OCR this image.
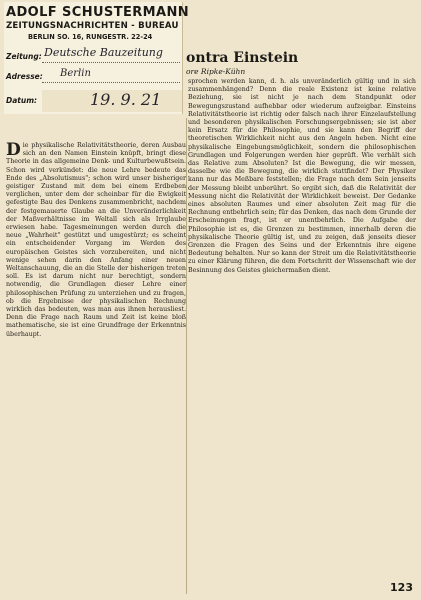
ADOLF SCHUSTERMANN
ZEITUNGSNACHRICHTEN - BUREAU
BERLIN SO. 16, RUNGESTR. 22-24
Zeitung: Deutsche Bauzeitung
Adresse: Berlin
Datum:	19. 9. 21
ontra Einstein
ore Ripke-Kühn
D ie physikalische Relativitätstheorie, deren Ausbau sich an den Namen Einstein knüpft, bringt diese Theorie in das allgemeine Denk- und Kulturbewußtsein. Schon wird verkündet: die neue Lehre bedeute das Ende des „Absolutismus"; schon wird unser bisheriger geistiger Zustand mit dem bei einem Erdbeben verglichen, unter dem der scheinbar für die Ewigkeit gefestigte Bau des Denkens zusammenbricht, nachdem der festgemauerte Glaube an die Unveränderlichkeit der Maßverhältnisse im Weltall sich als Irrglaube erwiesen habe. Tagesmeinungen werden durch die neue „Wahrheit" gestützt und umgestürzt; es scheint ein entscheidender Vorgang im Werden des europäischen Geistes sich vorzubereiten, und nicht wenige sehen darin den Anfang einer neuen Weltanschauung, die an die Stelle der bisherigen treten soll. Es ist darum nicht nur berechtigt, sondern notwendig, die Grundlagen dieser Lehre einer philosophischen Prüfung zu unterziehen und zu fragen, ob die Ergebnisse der physikalischen Rechnung wirklich das bedeuten, was man aus ihnen herausliest. Denn die Frage nach Raum und Zeit ist keine bloß mathematische, sie ist eine Grundfrage der Erkenntnis überhaupt.
sprochen werden kann, d. h. als unveränderlich gültig und in sich zusammenhängend? Denn die reale Existenz ist keine relative Beziehung, sie ist nicht je nach dem Standpunkt oder Bewegungszustand aufhebbar oder wiederum aufzeigbar. Einsteins Relativitätstheorie ist richtig oder falsch nach ihrer Einzelaufstellung und besonderen physikalischen Forschungsergebnissen; sie ist aber kein Ersatz für die Philosophie, und sie kann den Begriff der theoretischen Wirklichkeit nicht aus den Angeln heben. Nicht eine physikalische Eingebungsmöglichkeit, sondern die philosophischen Grundlagen und Folgerungen werden hier geprüft. Wie verhält sich das Relative zum Absoluten? Ist die Bewegung, die wir messen, dasselbe wie die Bewegung, die wirklich stattfindet? Der Physiker kann nur das Meßbare feststellen; die Frage nach dem Sein jenseits der Messung bleibt unberührt. So ergibt sich, daß die Relativität der Messung nicht die Relativität der Wirklichkeit beweist. Der Gedanke eines absoluten Raumes und einer absoluten Zeit mag für die Rechnung entbehrlich sein; für das Denken, das nach dem Grunde der Erscheinungen fragt, ist er unentbehrlich. Die Aufgabe der Philosophie ist es, die Grenzen zu bestimmen, innerhalb deren die physikalische Theorie gültig ist, und zu zeigen, daß jenseits dieser Grenzen die Fragen des Seins und der Erkenntnis ihre eigene Bedeutung behalten. Nur so kann der Streit um die Relativitätstheorie zu einer Klärung führen, die dem Fortschritt der Wissenschaft wie der Besinnung des Geistes gleichermaßen dient.
123
